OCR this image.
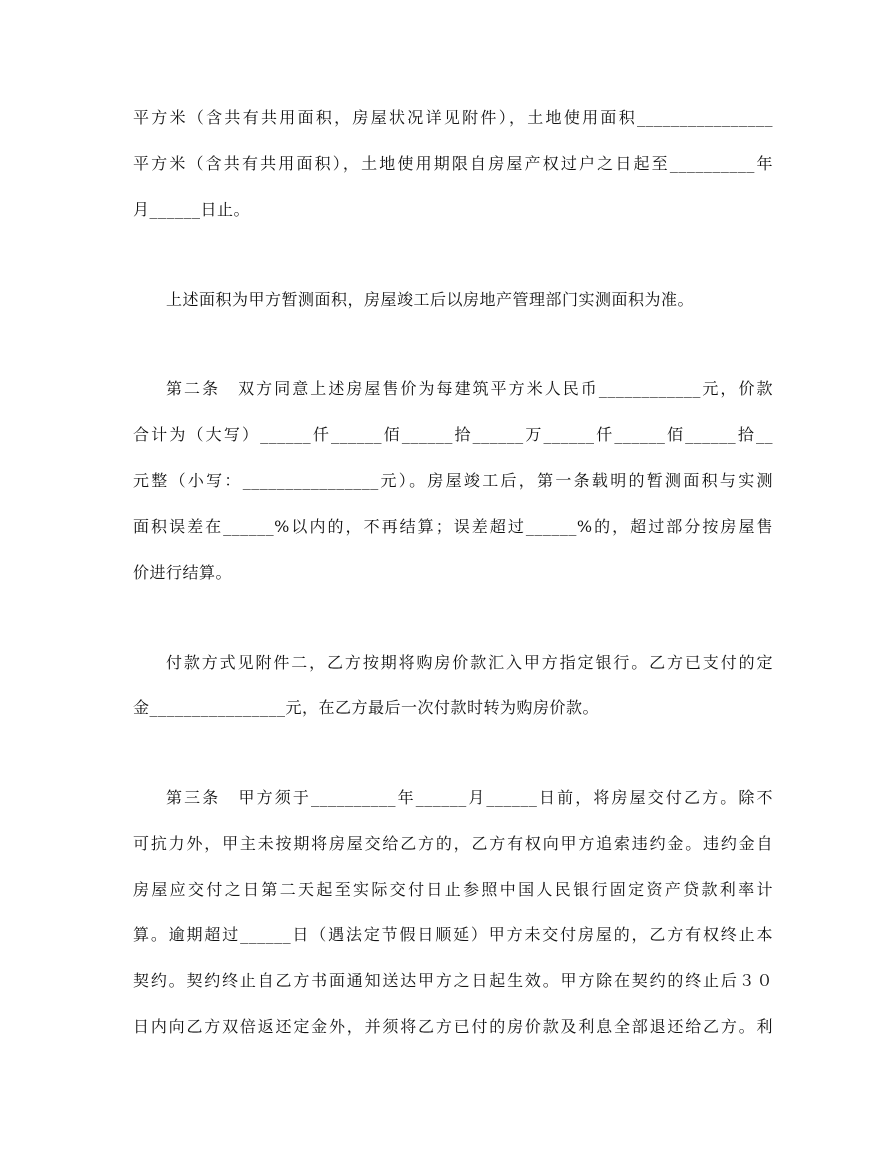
平方米（含共有共用面积，房屋状况详见附件），土地使用面积________________
平方米（含共有共用面积），土地使用期限自房屋产权过户之日起至__________年
月______日止。
上述面积为甲方暂测面积，房屋竣工后以房地产管理部门实测面积为准。
第二条　双方同意上述房屋售价为每建筑平方米人民币____________元，价款
合计为（大写）______仟______佰______拾______万______仟______佰______拾__
元整（小写：________________元）。房屋竣工后，第一条载明的暂测面积与实测
面积误差在______%以内的，不再结算；误差超过______%的，超过部分按房屋售
价进行结算。
付款方式见附件二，乙方按期将购房价款汇入甲方指定银行。乙方已支付的定
金________________元，在乙方最后一次付款时转为购房价款。
第三条　甲方须于__________年______月______日前，将房屋交付乙方。除不
可抗力外，甲主未按期将房屋交给乙方的，乙方有权向甲方追索违约金。违约金自
房屋应交付之日第二天起至实际交付日止参照中国人民银行固定资产贷款利率计
算。逾期超过______日（遇法定节假日顺延）甲方未交付房屋的，乙方有权终止本
契约。契约终止自乙方书面通知送达甲方之日起生效。甲方除在契约的终止后３０
日内向乙方双倍返还定金外，并须将乙方已付的房价款及利息全部退还给乙方。利
